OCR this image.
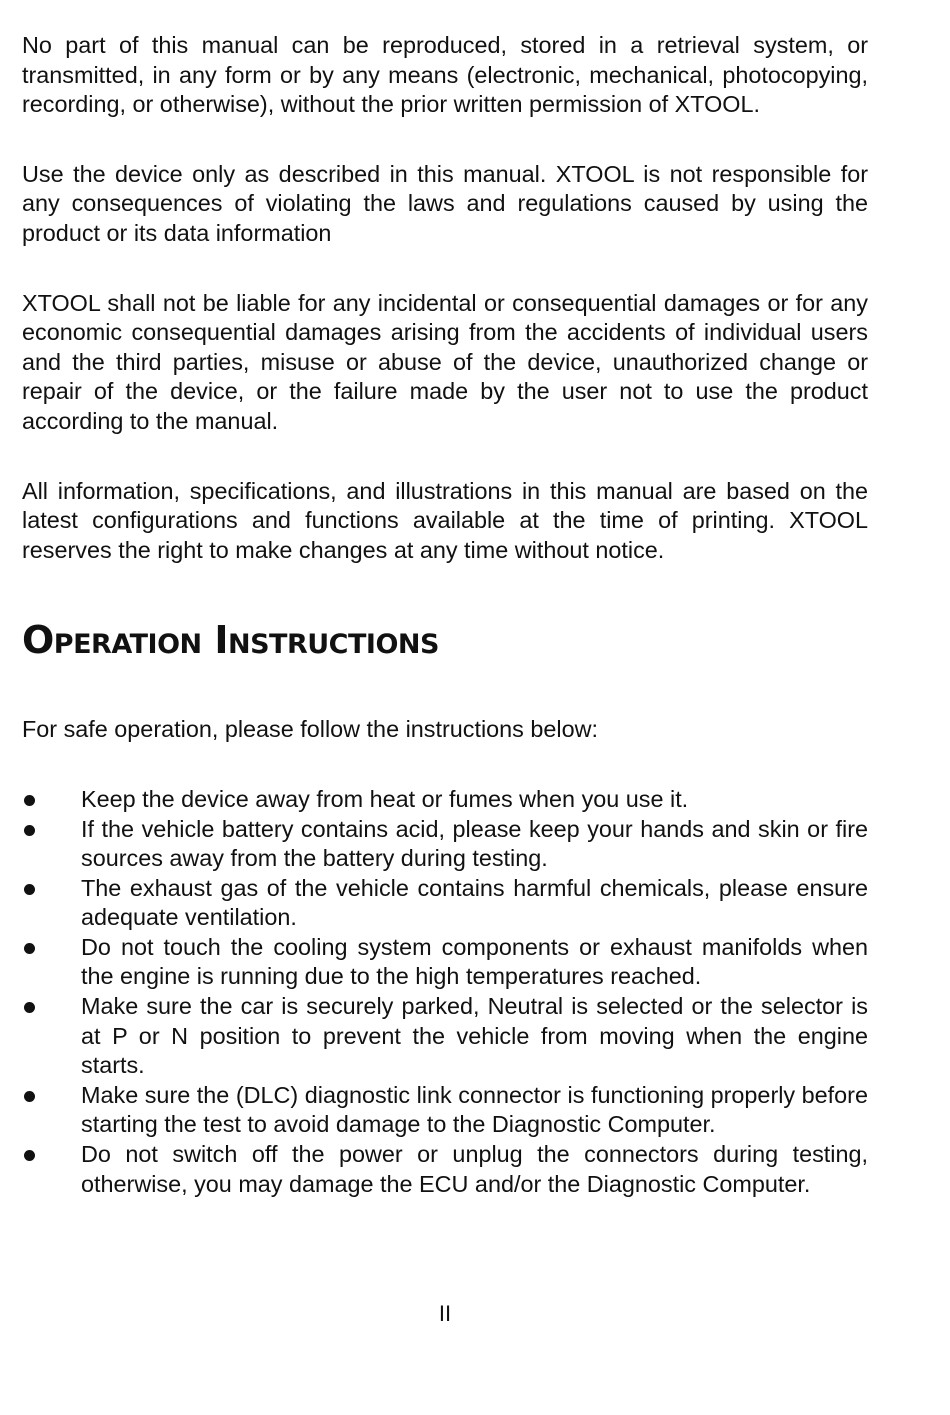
No part of this manual can be reproduced, stored in a retrieval system, or transmitted, in any form or by any means (electronic, mechanical, photocopying, recording, or otherwise), without the prior written permission of XTOOL.

Use the device only as described in this manual. XTOOL is not responsible for any consequences of violating the laws and regulations caused by using the product or its data information

XTOOL shall not be liable for any incidental or consequential damages or for any economic consequential damages arising from the accidents of individual users and the third parties, misuse or abuse of the device, unauthorized change or repair of the device, or the failure made by the user not to use the product according to the manual.

All information, specifications, and illustrations in this manual are based on the latest configurations and functions available at the time of printing. XTOOL reserves the right to make changes at any time without notice.

Operation Instructions

For safe operation, please follow the instructions below:

Keep the device away from heat or fumes when you use it.
If the vehicle battery contains acid, please keep your hands and skin or fire sources away from the battery during testing.
The exhaust gas of the vehicle contains harmful chemicals, please ensure adequate ventilation.
Do not touch the cooling system components or exhaust manifolds when the engine is running due to the high temperatures reached.
Make sure the car is securely parked, Neutral is selected or the selector is at P or N position to prevent the vehicle from moving when the engine starts.
Make sure the (DLC) diagnostic link connector is functioning properly before starting the test to avoid damage to the Diagnostic Computer.
Do not switch off the power or unplug the connectors during testing, otherwise, you may damage the ECU and/or the Diagnostic Computer.
II
